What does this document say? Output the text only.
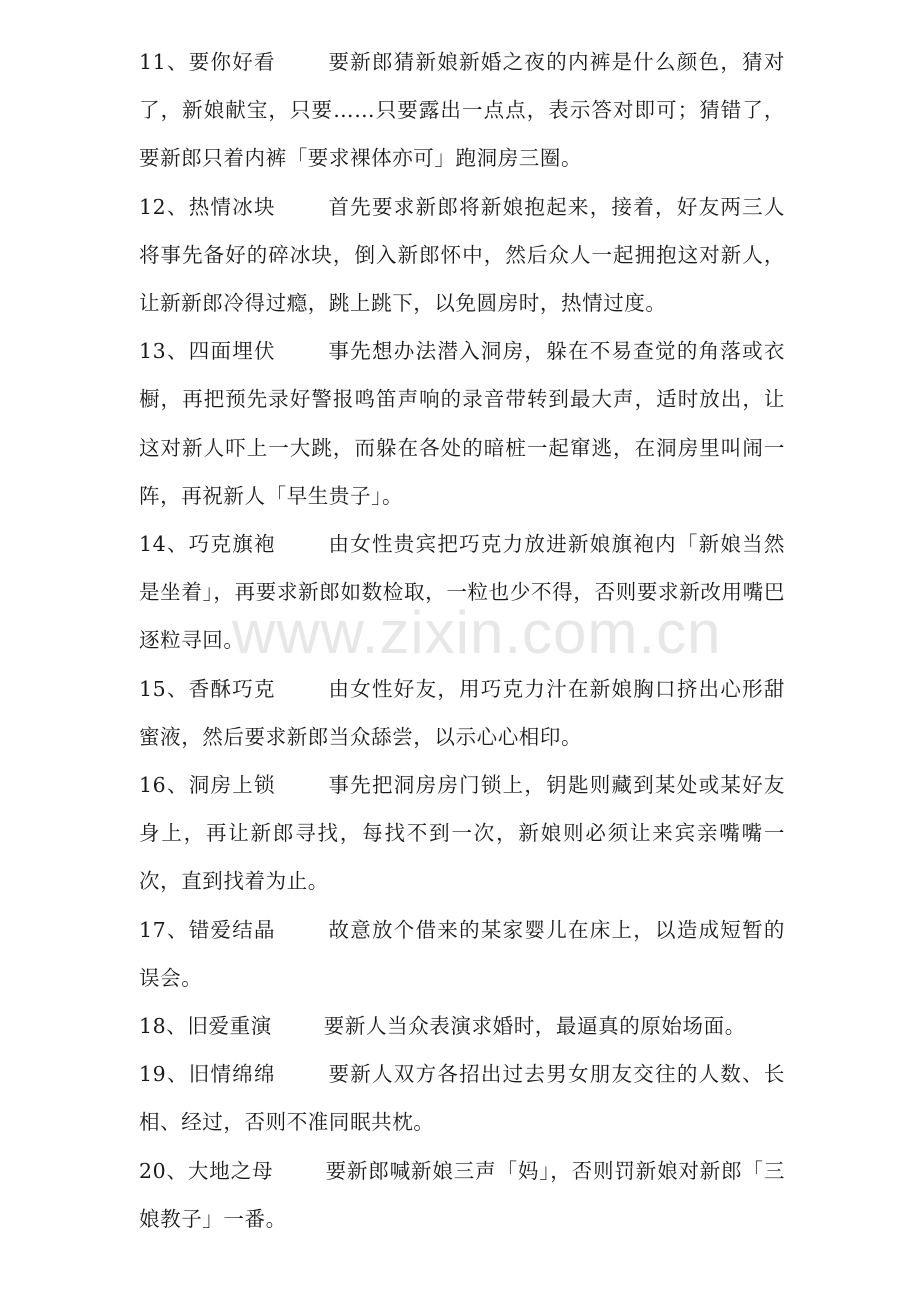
11、要你好看	要新郎猜新娘新婚之夜的内裤是什么颜色，猜对了，新娘献宝，只要……只要露出一点点，表示答对即可；猜错了，要新郎只着内裤「要求裸体亦可」跑洞房三圈。

12、热情冰块	首先要求新郎将新娘抱起来，接着，好友两三人将事先备好的碎冰块，倒入新郎怀中，然后众人一起拥抱这对新人，让新新郎冷得过瘾，跳上跳下，以免圆房时，热情过度。

13、四面埋伏	事先想办法潜入洞房，躲在不易查觉的角落或衣橱，再把预先录好警报鸣笛声响的录音带转到最大声，适时放出，让这对新人吓上一大跳，而躲在各处的暗桩一起窜逃，在洞房里叫闹一阵，再祝新人「早生贵子」。

14、巧克旗袍	由女性贵宾把巧克力放进新娘旗袍内「新娘当然是坐着」，再要求新郎如数检取，一粒也少不得，否则要求新改用嘴巴逐粒寻回。

15、香酥巧克	由女性好友，用巧克力汁在新娘胸口挤出心形甜蜜液，然后要求新郎当众舔尝，以示心心相印。

16、洞房上锁	事先把洞房房门锁上，钥匙则藏到某处或某好友身上，再让新郎寻找，每找不到一次，新娘则必须让来宾亲嘴嘴一次，直到找着为止。

17、错爱结晶	故意放个借来的某家婴儿在床上，以造成短暂的误会。

18、旧爱重演	要新人当众表演求婚时，最逼真的原始场面。

19、旧情绵绵	要新人双方各招出过去男女朋友交往的人数、长相、经过，否则不准同眠共枕。

20、大地之母	要新郎喊新娘三声「妈」，否则罚新娘对新郎「三娘教子」一番。

www.zixin.com.cn
